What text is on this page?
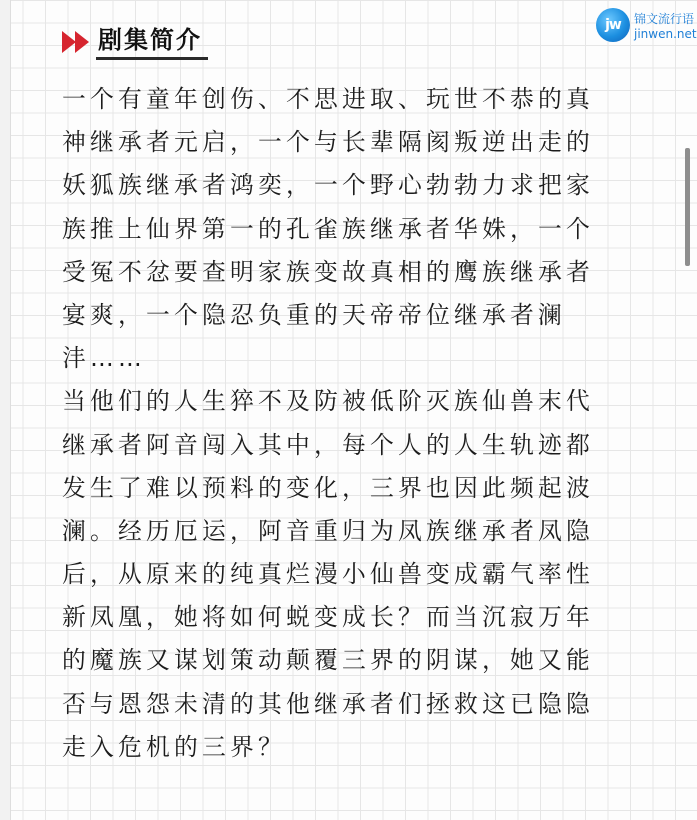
剧集简介
jw	锦文流行语
jinwen.net
一个有童年创伤、不思进取、玩世不恭的真
神继承者元启，一个与长辈隔阂叛逆出走的
妖狐族继承者鸿奕，一个野心勃勃力求把家
族推上仙界第一的孔雀族继承者华姝，一个
受冤不忿要查明家族变故真相的鹰族继承者
宴爽，一个隐忍负重的天帝帝位继承者澜
沣……
当他们的人生猝不及防被低阶灭族仙兽末代
继承者阿音闯入其中，每个人的人生轨迹都
发生了难以预料的变化，三界也因此频起波
澜。经历厄运，阿音重归为凤族继承者凤隐
后，从原来的纯真烂漫小仙兽变成霸气率性
新凤凰，她将如何蜕变成长？而当沉寂万年
的魔族又谋划策动颠覆三界的阴谋，她又能
否与恩怨未清的其他继承者们拯救这已隐隐
走入危机的三界？
